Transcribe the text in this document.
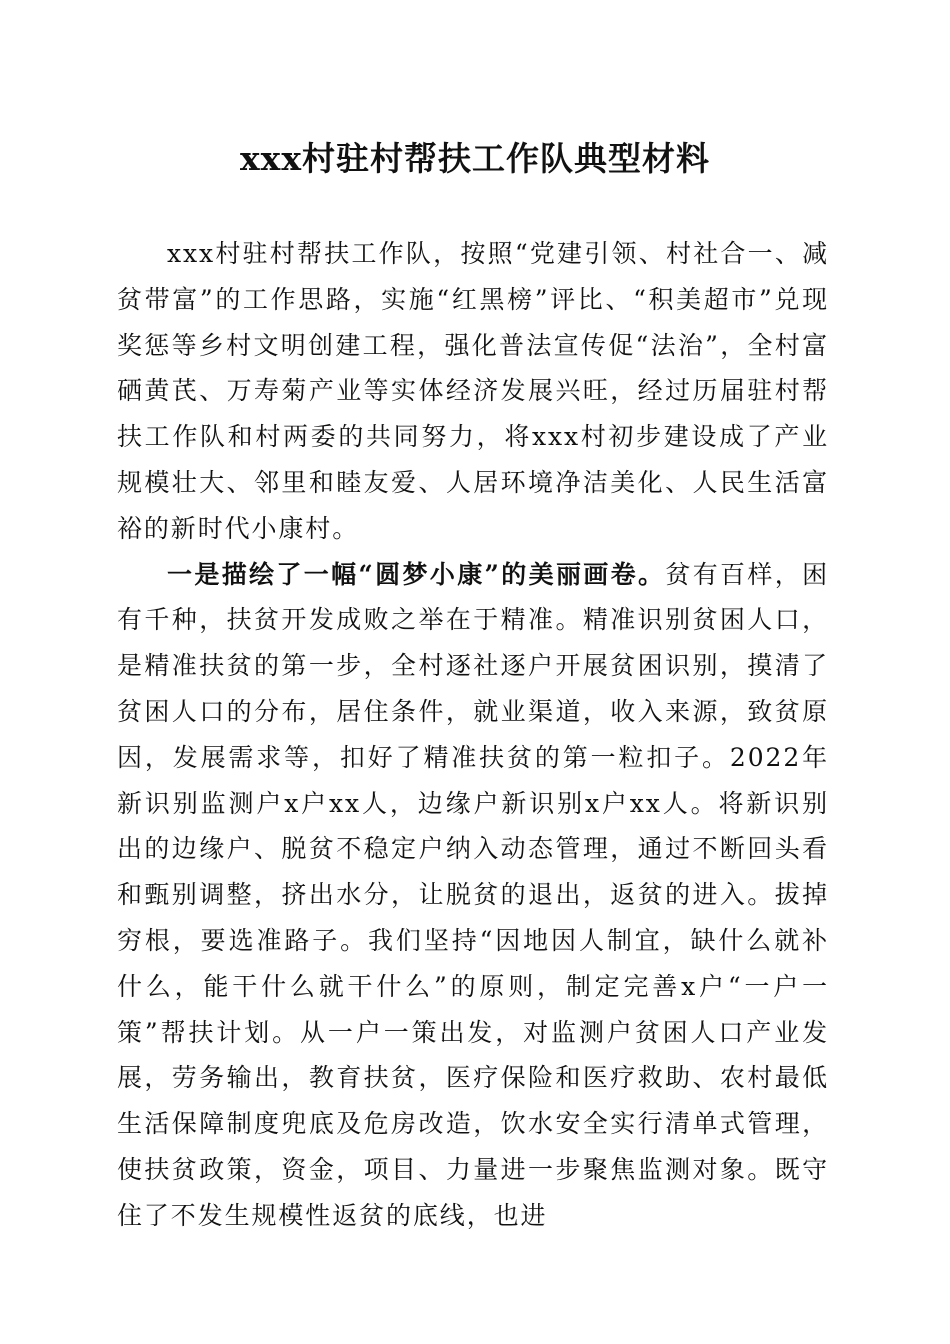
xxx村驻村帮扶工作队典型材料

xxx村驻村帮扶工作队，按照“党建引领、村社合一、减贫带富”的工作思路，实施“红黑榜”评比、“积美超市”兑现奖惩等乡村文明创建工程，强化普法宣传促“法治”，全村富硒黄芪、万寿菊产业等实体经济发展兴旺，经过历届驻村帮扶工作队和村两委的共同努力，将xxx村初步建设成了产业规模壮大、邻里和睦友爱、人居环境净洁美化、人民生活富裕的新时代小康村。

一是描绘了一幅“圆梦小康”的美丽画卷。贫有百样，困有千种，扶贫开发成败之举在于精准。精准识别贫困人口，是精准扶贫的第一步，全村逐社逐户开展贫困识别，摸清了贫困人口的分布，居住条件，就业渠道，收入来源，致贫原因，发展需求等，扣好了精准扶贫的第一粒扣子。2022年新识别监测户x户xx人，边缘户新识别x户xx人。将新识别出的边缘户、脱贫不稳定户纳入动态管理，通过不断回头看和甄别调整，挤出水分，让脱贫的退出，返贫的进入。拔掉穷根，要选准路子。我们坚持“因地因人制宜，缺什么就补什么，能干什么就干什么”的原则，制定完善x户“一户一策”帮扶计划。从一户一策出发，对监测户贫困人口产业发展，劳务输出，教育扶贫，医疗保险和医疗救助、农村最低生活保障制度兜底及危房改造，饮水安全实行清单式管理，使扶贫政策，资金，项目、力量进一步聚焦监测对象。既守住了不发生规模性返贫的底线，也进
